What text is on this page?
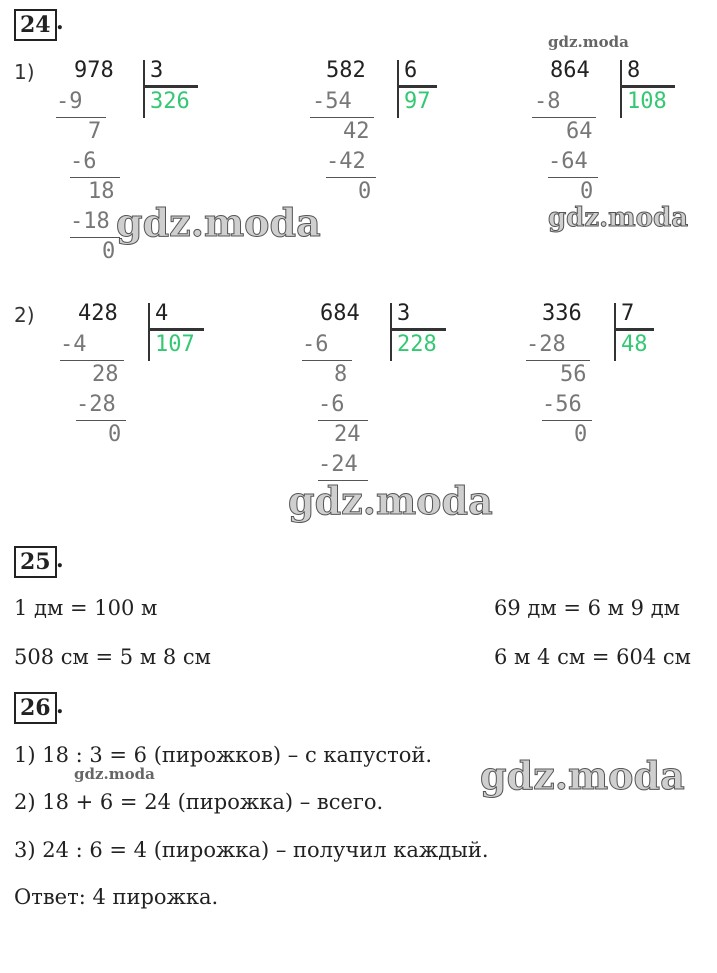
24 .
1)
2)
978 3
326
-9
7
-6
18
-18
0
582 6
97
-54
42
-42
0
864 8
108
-8
64
-64
0
428 4
107
-4
28
-28
0
684 3
228
-6
8
-6
24
-24
336 7
48
-28
56
-56
0
25 .
1 дм = 100 м	69 дм = 6 м 9 дм
508 см = 5 м 8 см	6 м 4 см = 604 см
26 .
1) 18 : 3 = 6 (пирожков) – с капустой.
2) 18 + 6 = 24 (пирожка) – всего.
3) 24 : 6 = 4 (пирожка) – получил каждый.
Ответ: 4 пирожка.
gdz.moda
gdz.moda	gdz.moda
gdz.moda
gdz.moda	gdz.moda
